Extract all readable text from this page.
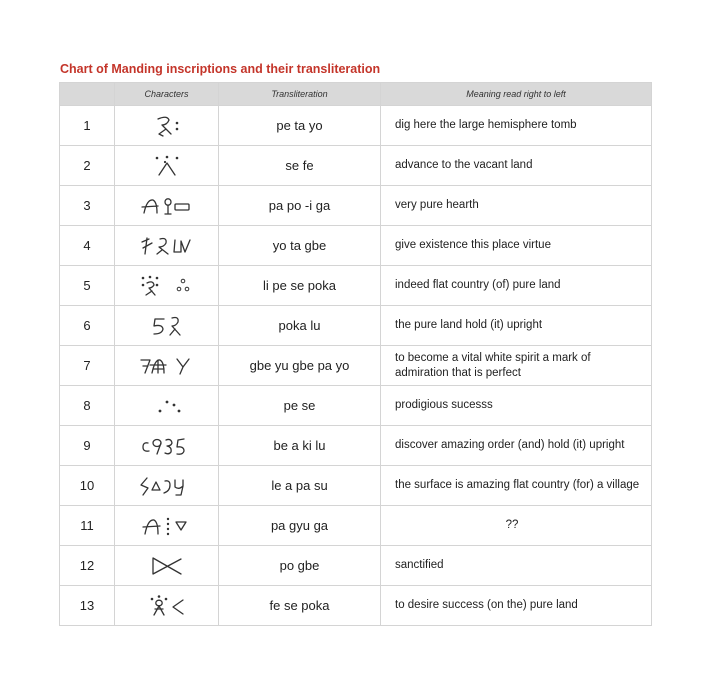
Chart of Manding inscriptions and their transliteration
	Characters	Transliteration	Meaning read right to left
1		pe ta yo	dig here the large hemisphere tomb
2		se fe	advance to the vacant land
3		pa po -i ga	very pure hearth
4		yo ta gbe	give existence this place virtue
5		li pe se poka	indeed flat country (of) pure land
6		poka lu	the pure land hold (it) upright
7		gbe yu gbe pa yo	to become a vital white spirit a mark of admiration that is perfect
8		pe se	prodigious sucesss
9		be a ki lu	discover amazing order (and) hold (it) upright
10		le a pa su	the surface is amazing flat country (for) a village
11		pa gyu ga	??
12		po gbe	sanctified
13		fe se poka	to desire success (on the) pure land
